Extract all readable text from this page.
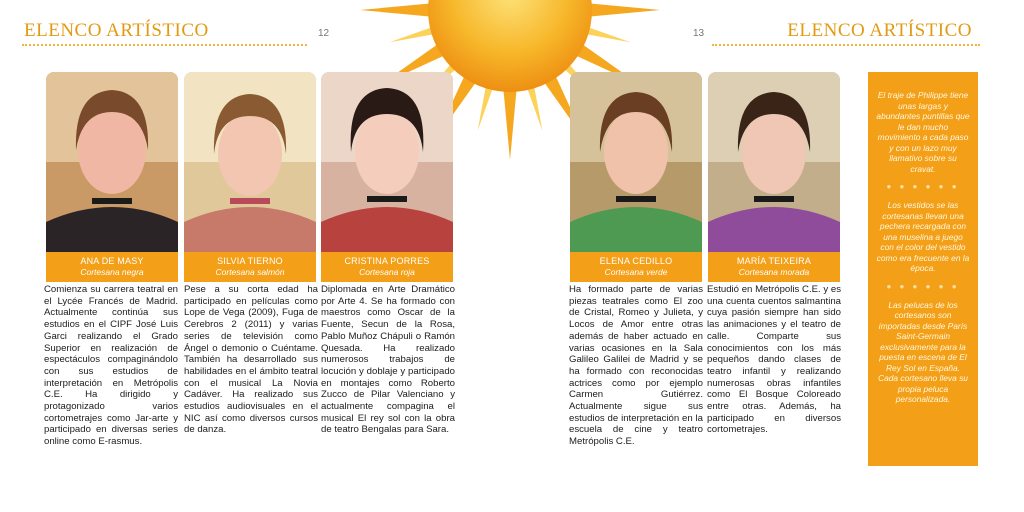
ELENCO ARTÍSTICO	ELENCO ARTÍSTICO
12	13
ANA DE MASY
Cortesana negra
Comienza su carrera teatral en el Lycée Francés de Madrid. Actualmente continúa sus estudios en el CIPF José Luis Garci realizando el Grado Superior en realización de espectáculos compaginándolo con sus estudios de interpretación en Metrópolis C.E. Ha dirigido y protagonizado varios cortometrajes como Jar-arte y participado en diversas series online como E-rasmus.
SILVIA TIERNO
Cortesana salmón
Pese a su corta edad ha participado en películas como Lope de Vega (2009), Fuga de Cerebros 2 (2011) y varias series de televisión como Ángel o demonio o Cuéntame. También ha desarrollado sus habilidades en el ámbito teatral con el musical La Novia Cadáver. Ha realizado sus estudios audiovisuales en el NIC así como diversos cursos de danza.
CRISTINA PORRES
Cortesana roja
Diplomada en Arte Dramático por Arte 4. Se ha formado con maestros como Oscar de la Fuente, Secun de la Rosa, Pablo Muñoz Chápuli o Ramón Quesada. Ha realizado numerosos trabajos de locución y doblaje y participado en montajes como Roberto Zucco de Pilar Valenciano y actualmente compagina el musical El rey sol con la obra de teatro Bengalas para Sara.
ELENA CEDILLO
Cortesana verde
Ha formado parte de varias piezas teatrales como El zoo de Cristal, Romeo y Julieta, y Locos de Amor entre otras además de haber actuado en varias ocasiones en la Sala Galileo Galilei de Madrid y se ha formado con reconocidas actrices como por ejemplo Carmen Gutiérrez. Actualmente sigue sus estudios de interpretación en la escuela de cine y teatro Metrópolis C.E.
MARÍA TEIXEIRA
Cortesana morada
Estudió en Metrópolis C.E. y es una cuenta cuentos salmantina cuya pasión siempre han sido las animaciones y el teatro de calle. Comparte sus conocimientos con los más pequeños dando clases de teatro infantil y realizando numerosas obras infantiles como El Bosque Coloreado entre otras. Además, ha participado en diversos cortometrajes.

El traje de Philippe tiene unas largas y abundantes puntillas que le dan mucho movimiento a cada paso y con un lazo muy llamativo sobre su cravat.

● ● ● ● ● ●

Los vestidos se las cortesanas llevan una pechera recargada con una muselina a juego con el color del vestido como era frecuente en la época.

● ● ● ● ● ●

Las pelucas de los cortesanos son importadas desde París Saint-Germain exclusivamente para la puesta en escena de El Rey Sol en España. Cada cortesano lleva su propia peluca personalizada.
